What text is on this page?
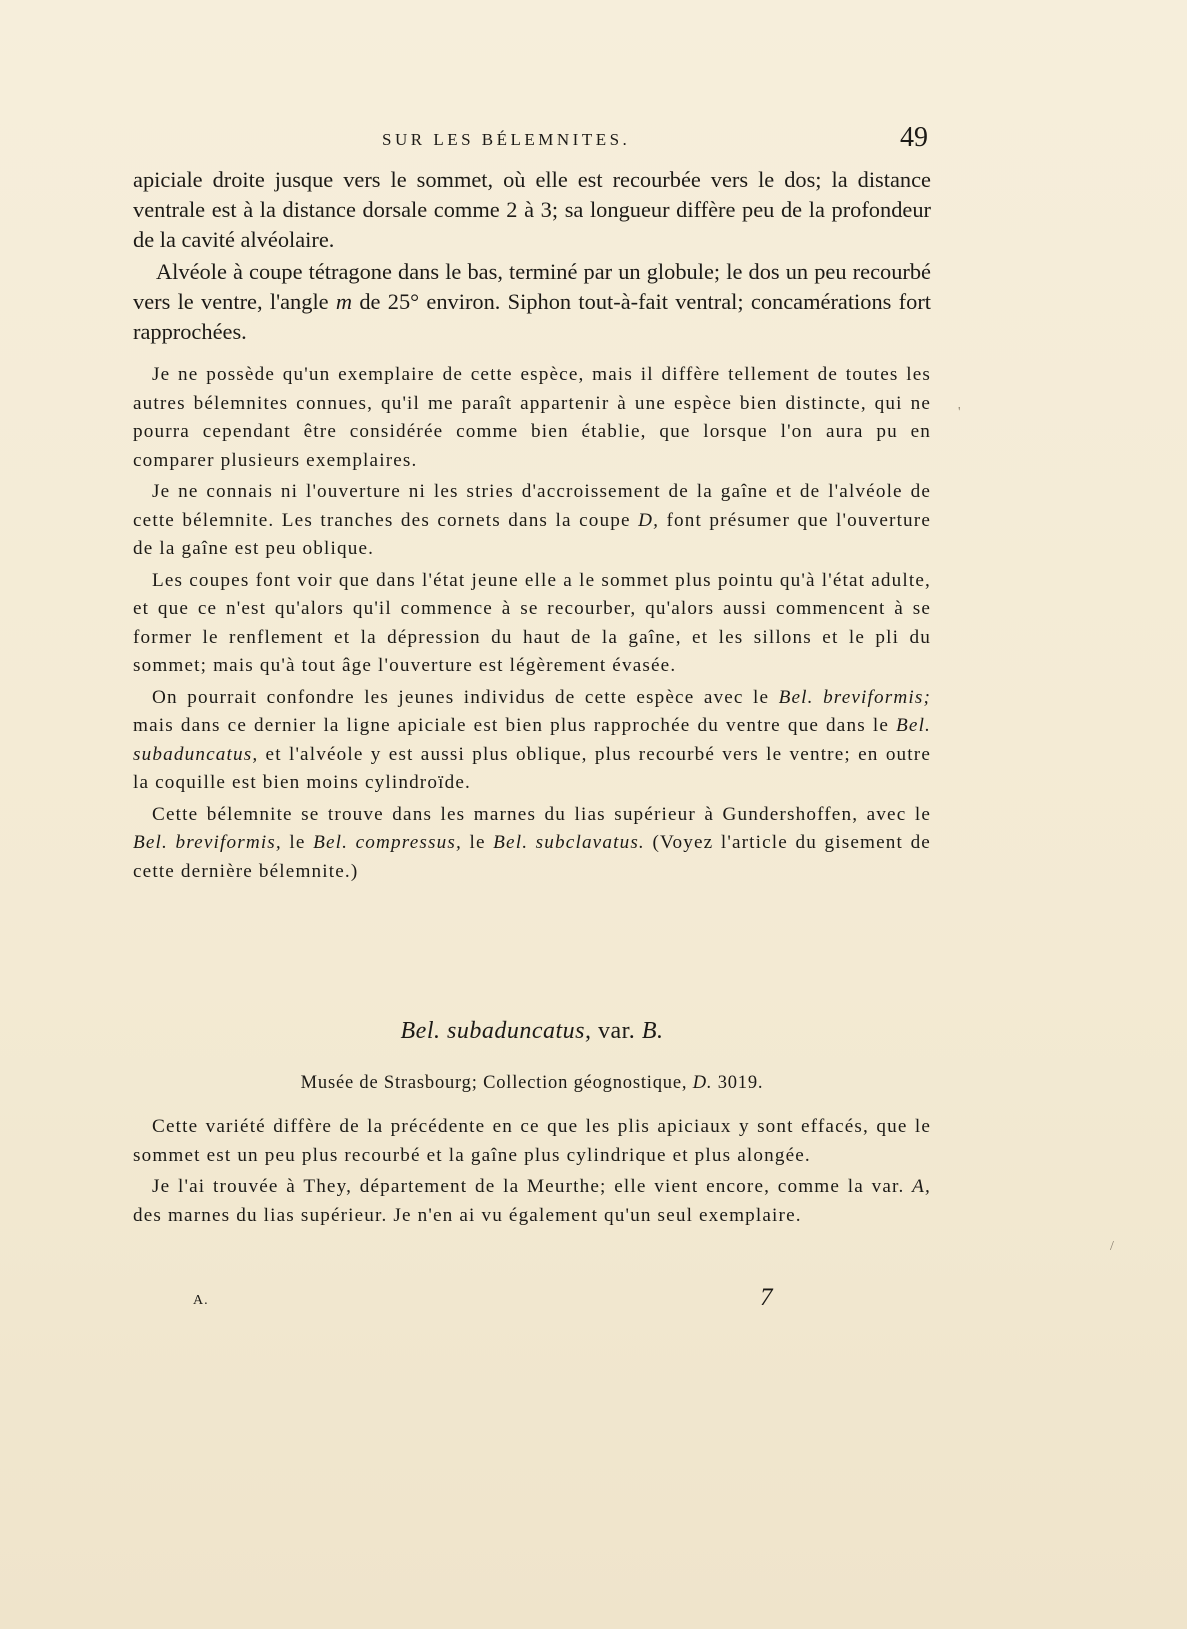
SUR LES BÉLEMNITES.	49

apiciale droite jusque vers le sommet, où elle est recourbée vers le dos; la distance ventrale est à la distance dorsale comme 2 à 3; sa longueur diffère peu de la profondeur de la cavité alvéolaire.

Alvéole à coupe tétragone dans le bas, terminé par un globule; le dos un peu recourbé vers le ventre, l'angle m de 25° environ. Siphon tout-à-fait ventral; concamérations fort rapprochées.

Je ne possède qu'un exemplaire de cette espèce, mais il diffère tellement de toutes les autres bélemnites connues, qu'il me paraît appartenir à une espèce bien distincte, qui ne pourra cependant être considérée comme bien établie, que lorsque l'on aura pu en comparer plusieurs exemplaires.

Je ne connais ni l'ouverture ni les stries d'accroissement de la gaîne et de l'alvéole de cette bélemnite. Les tranches des cornets dans la coupe D, font présumer que l'ouverture de la gaîne est peu oblique.

Les coupes font voir que dans l'état jeune elle a le sommet plus pointu qu'à l'état adulte, et que ce n'est qu'alors qu'il commence à se recourber, qu'alors aussi commencent à se former le renflement et la dépression du haut de la gaîne, et les sillons et le pli du sommet; mais qu'à tout âge l'ouverture est légèrement évasée.

On pourrait confondre les jeunes individus de cette espèce avec le Bel. breviformis; mais dans ce dernier la ligne apiciale est bien plus rapprochée du ventre que dans le Bel. subaduncatus, et l'alvéole y est aussi plus oblique, plus recourbé vers le ventre; en outre la coquille est bien moins cylindroïde.

Cette bélemnite se trouve dans les marnes du lias supérieur à Gundershoffen, avec le Bel. breviformis, le Bel. compressus, le Bel. subclavatus. (Voyez l'article du gisement de cette dernière bélemnite.)

Bel. subaduncatus, var. B.
Musée de Strasbourg; Collection géognostique, D. 3019.

Cette variété diffère de la précédente en ce que les plis apiciaux y sont effacés, que le sommet est un peu plus recourbé et la gaîne plus cylindrique et plus alongée.

Je l'ai trouvée à They, département de la Meurthe; elle vient encore, comme la var. A, des marnes du lias supérieur. Je n'en ai vu également qu'un seul exemplaire.

A.	7
'
/
